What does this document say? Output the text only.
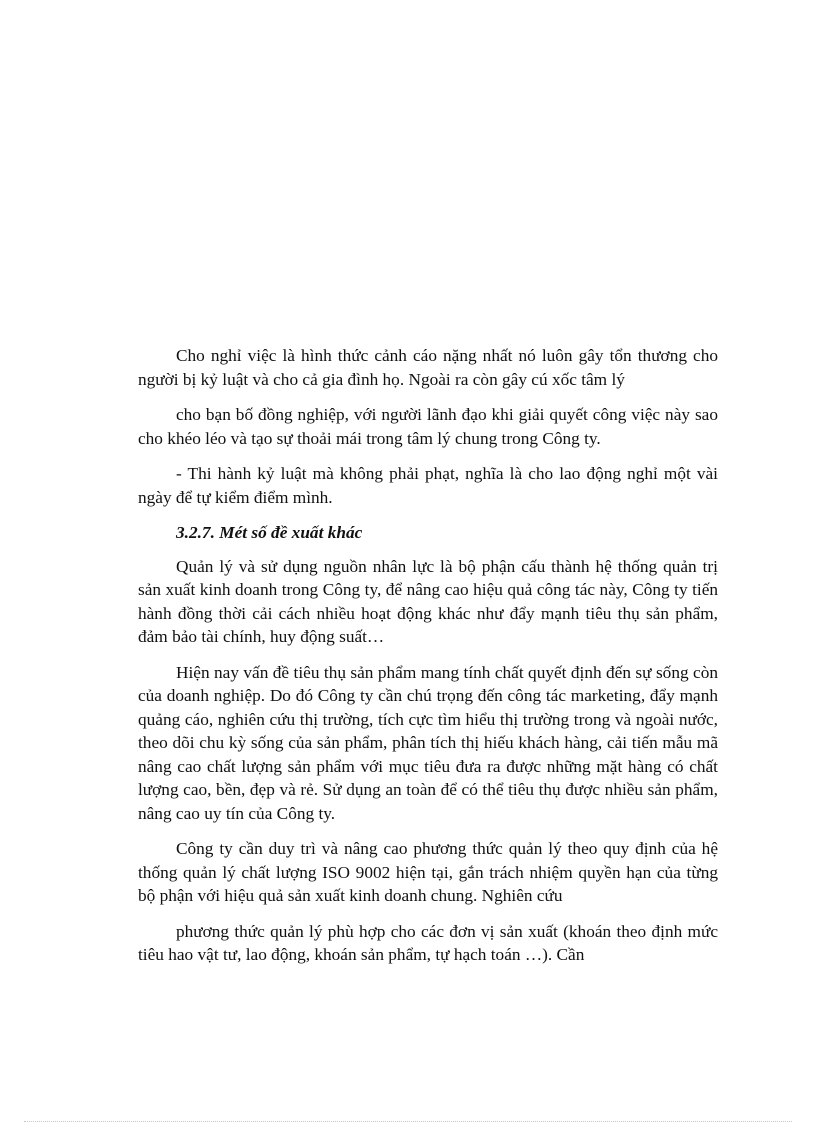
Cho nghỉ việc là hình thức cảnh cáo nặng nhất nó luôn gây tổn thương cho người bị kỷ luật và cho cả gia đình họ. Ngoài ra còn gây cú xốc tâm lý

cho bạn bố đồng nghiệp, với người lãnh đạo khi giải quyết công việc này sao cho khéo léo và tạo sự thoải mái trong tâm lý chung trong Công ty.

- Thi hành kỷ luật mà không phải phạt, nghĩa là cho lao động nghỉ một vài ngày để tự kiểm điểm mình.

3.2.7. Mét số đề xuất khác

Quản lý và sử dụng nguồn nhân lực là bộ phận cấu thành hệ thống quản trị sản xuất kinh doanh trong Công ty, để nâng cao hiệu quả công tác này, Công ty tiến hành đồng thời cải cách nhiều hoạt động khác như đẩy mạnh tiêu thụ sản phẩm, đảm bảo tài chính, huy động suất…

Hiện nay vấn đề tiêu thụ sản phẩm mang tính chất quyết định đến sự sống còn của doanh nghiệp. Do đó Công ty cần chú trọng đến công tác marketing, đẩy mạnh quảng cáo, nghiên cứu thị trường, tích cực tìm hiểu thị trường trong và ngoài nước, theo dõi chu kỳ sống của sản phẩm, phân tích thị hiếu khách hàng, cải tiến mẫu mã nâng cao chất lượng sản phẩm với mục tiêu đưa ra được những mặt hàng có chất lượng cao, bền, đẹp và rẻ. Sử dụng an toàn để có thể tiêu thụ được nhiều sản phẩm, nâng cao uy tín của Công ty.

Công ty cần duy trì và nâng cao phương thức quản lý theo quy định của hệ thống quản lý chất lượng ISO 9002 hiện tại, gắn trách nhiệm quyền hạn của từng bộ phận với hiệu quả sản xuất kinh doanh chung. Nghiên cứu

phương thức quản lý phù hợp cho các đơn vị sản xuất (khoán theo định mức tiêu hao vật tư, lao động, khoán sản phẩm, tự hạch toán …). Cần
